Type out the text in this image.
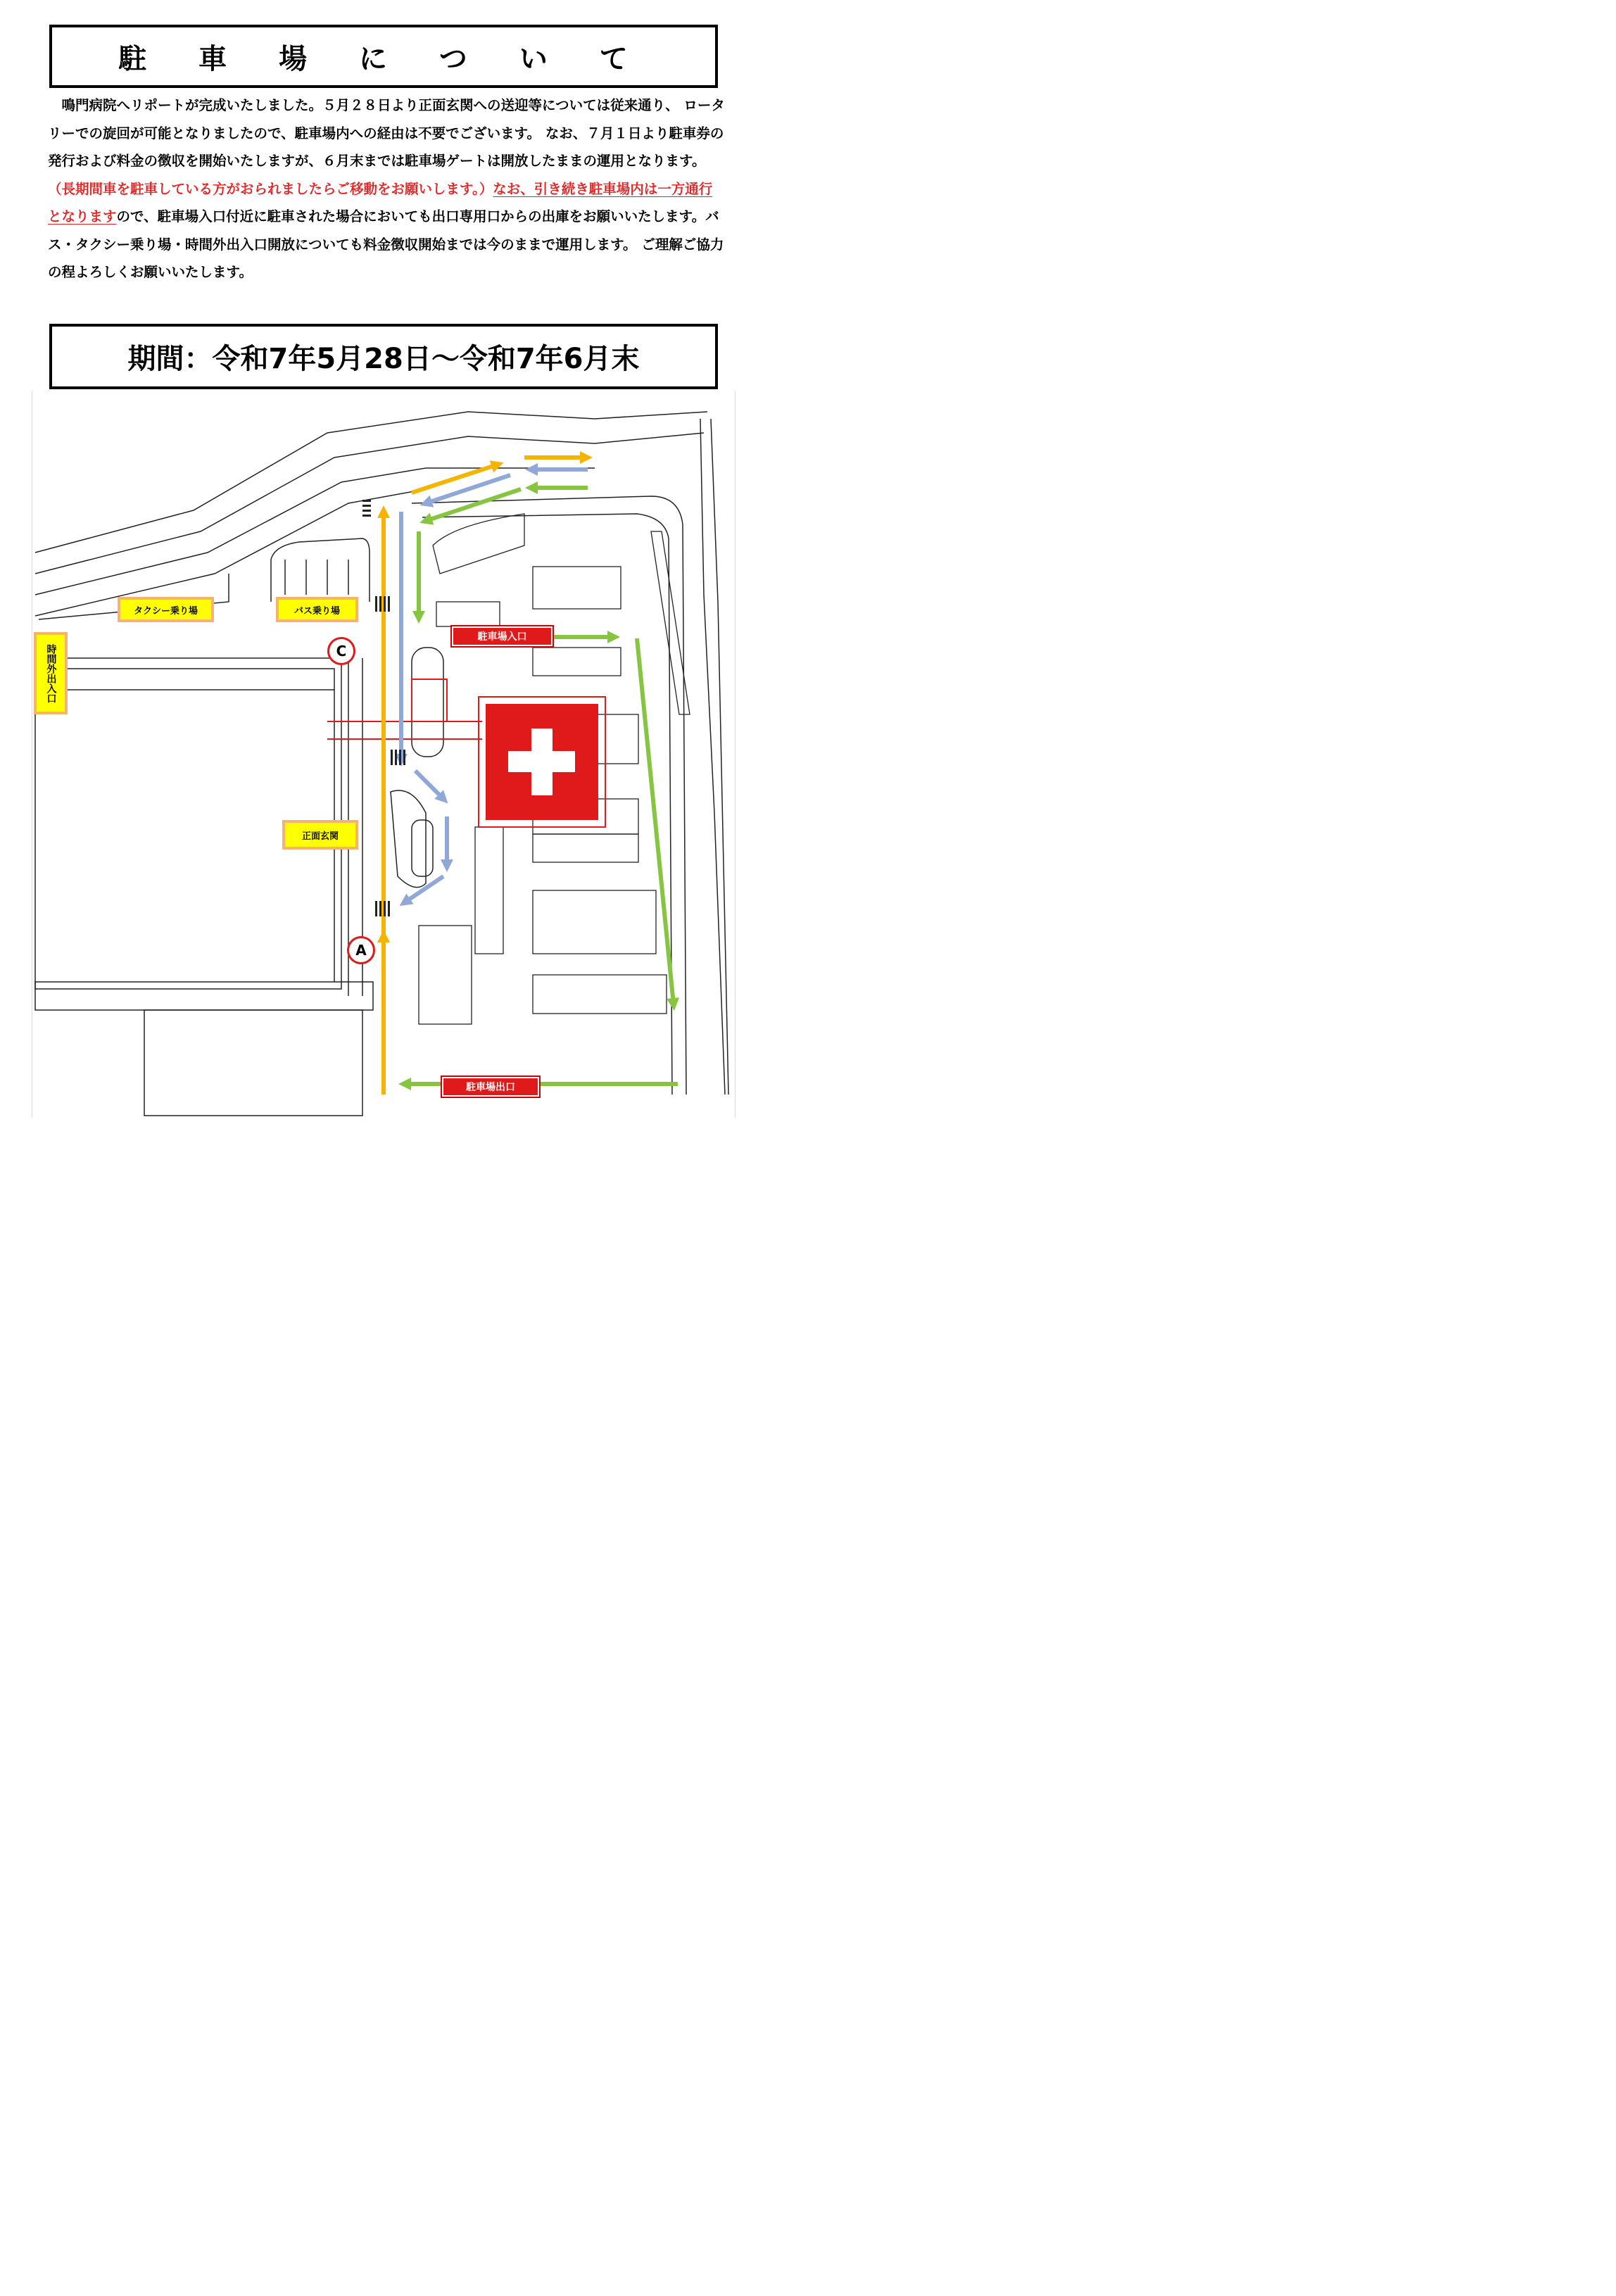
駐 車 場 に つ い て
　鳴門病院へリポートが完成いたしました。５月２８日より正面玄関への送迎等については従来通り、 ロータリーでの旋回が可能となりましたので、駐車場内への経由は不要でございます。 なお、７月１日より駐車券の発行および料金の徴収を開始いたしますが、６月末までは駐車場ゲートは開放したままの運用となります。（長期間車を駐車している方がおられましたらご移動をお願いします。）なお、引き続き駐車場内は一方通行となりますので、駐車場入口付近に駐車された場合においても出口専用口からの出庫をお願いいたします。バス・タクシー乗り場・時間外出入口開放についても料金徴収開始までは今のままで運用します。 ご理解ご協力の程よろしくお願いいたします。
期間：令和7年5月28日～令和7年6月末
タクシー乗り場	バス乗り場
時間外出入口
正面玄関
駐車場入口
駐車場出口
C
A
